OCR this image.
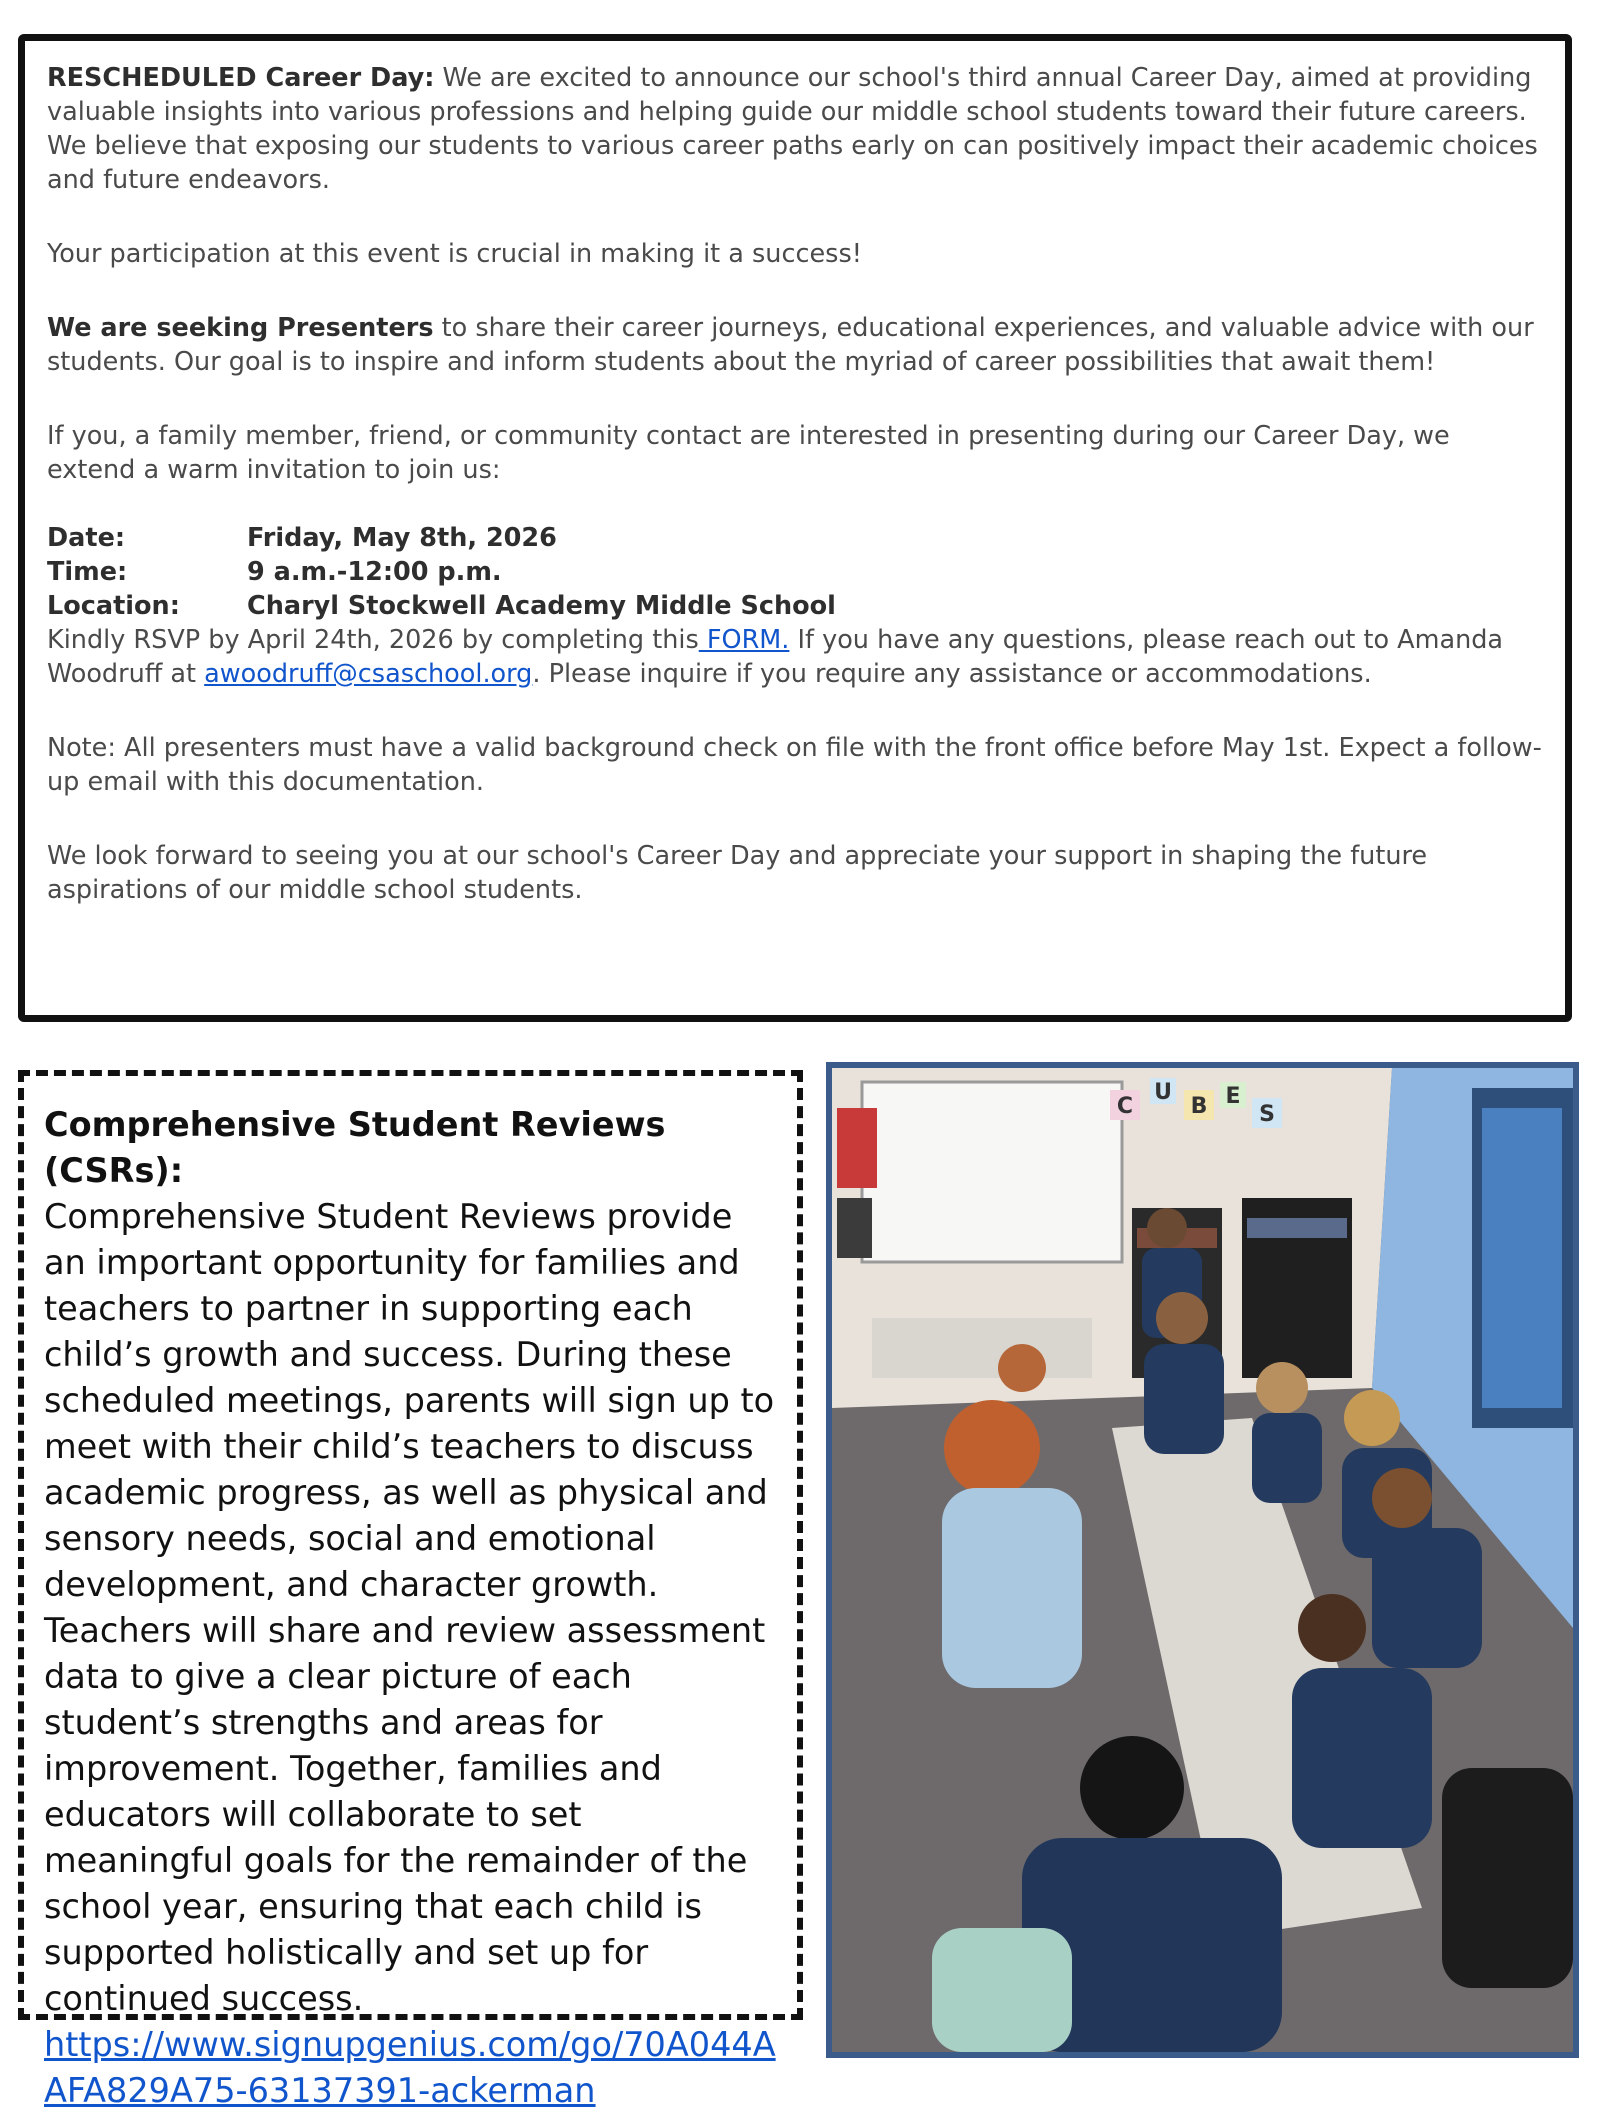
RESCHEDULED Career Day: We are excited to announce our school's third annual Career Day, aimed at providing valuable insights into various professions and helping guide our middle school students toward their future careers. We believe that exposing our students to various career paths early on can positively impact their academic choices and future endeavors.

Your participation at this event is crucial in making it a success!

We are seeking Presenters to share their career journeys, educational experiences, and valuable advice with our students. Our goal is to inspire and inform students about the myriad of career possibilities that await them!

If you, a family member, friend, or community contact are interested in presenting during our Career Day, we extend a warm invitation to join us:

Date:	Friday, May 8th, 2026
Time:	9 a.m.-12:00 p.m.
Location:	Charyl Stockwell Academy Middle School

Kindly RSVP by April 24th, 2026 by completing this FORM. If you have any questions, please reach out to Amanda Woodruff at awoodruff@csaschool.org. Please inquire if you require any assistance or accommodations.

Note: All presenters must have a valid background check on file with the front office before May 1st. Expect a follow-up email with this documentation.

We look forward to seeing you at our school's Career Day and appreciate your support in shaping the future aspirations of our middle school students.

Comprehensive Student Reviews (CSRs):

Comprehensive Student Reviews provide an important opportunity for families and teachers to partner in supporting each child’s growth and success. During these scheduled meetings, parents will sign up to meet with their child’s teachers to discuss academic progress, as well as physical and sensory needs, social and emotional development, and character growth. Teachers will share and review assessment data to give a clear picture of each student’s strengths and areas for improvement. Together, families and educators will collaborate to set meaningful goals for the remainder of the school year, ensuring that each child is supported holistically and set up for continued success.

https://www.signupgenius.com/go/70A044AAFA829A75-63137391-ackerman
C
U
B E
S
